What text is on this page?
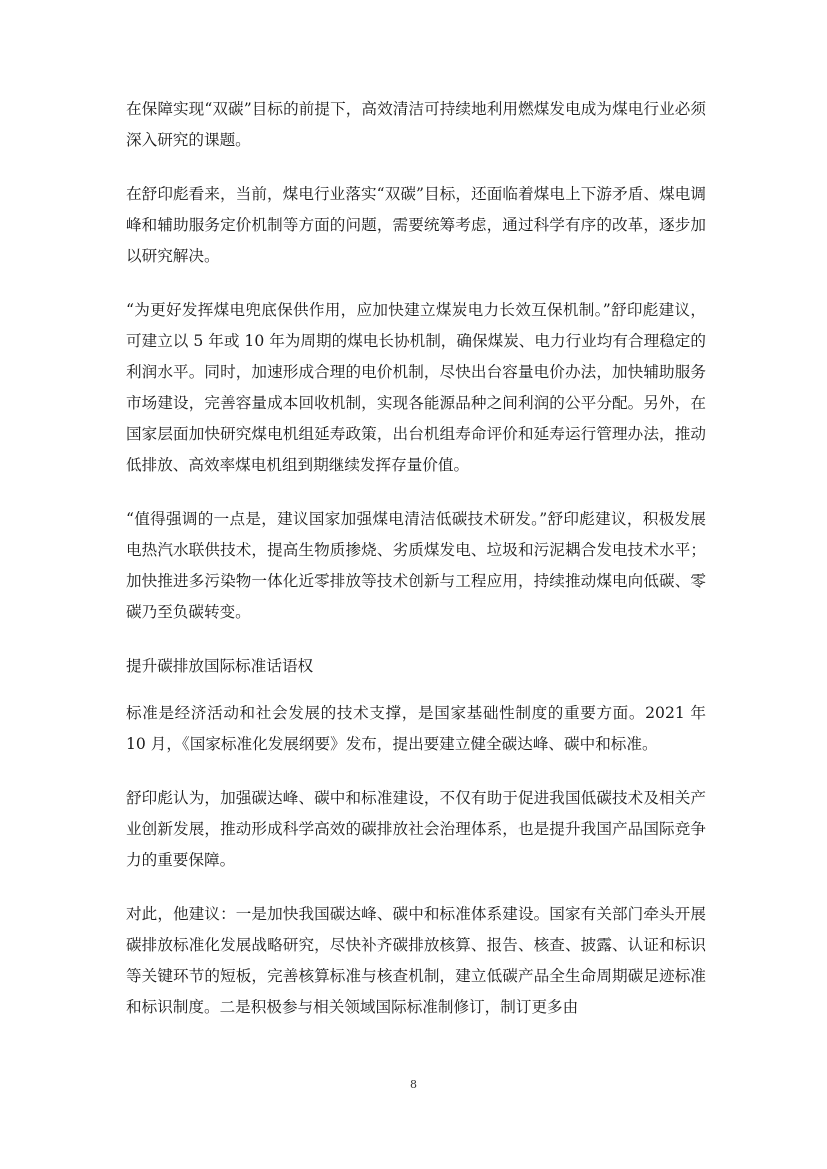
在保障实现“双碳”目标的前提下，高效清洁可持续地利用燃煤发电成为煤电行业必须深入研究的课题。

在舒印彪看来，当前，煤电行业落实“双碳”目标，还面临着煤电上下游矛盾、煤电调峰和辅助服务定价机制等方面的问题，需要统筹考虑，通过科学有序的改革，逐步加以研究解决。

“为更好发挥煤电兜底保供作用，应加快建立煤炭电力长效互保机制。”舒印彪建议，可建立以 5 年或 10 年为周期的煤电长协机制，确保煤炭、电力行业均有合理稳定的利润水平。同时，加速形成合理的电价机制，尽快出台容量电价办法，加快辅助服务市场建设，完善容量成本回收机制，实现各能源品种之间利润的公平分配。另外，在国家层面加快研究煤电机组延寿政策，出台机组寿命评价和延寿运行管理办法，推动低排放、高效率煤电机组到期继续发挥存量价值。

“值得强调的一点是，建议国家加强煤电清洁低碳技术研发。”舒印彪建议，积极发展电热汽水联供技术，提高生物质掺烧、劣质煤发电、垃圾和污泥耦合发电技术水平；加快推进多污染物一体化近零排放等技术创新与工程应用，持续推动煤电向低碳、零碳乃至负碳转变。

提升碳排放国际标准话语权

标准是经济活动和社会发展的技术支撑，是国家基础性制度的重要方面。2021 年 10 月，《国家标准化发展纲要》发布，提出要建立健全碳达峰、碳中和标准。

舒印彪认为，加强碳达峰、碳中和标准建设，不仅有助于促进我国低碳技术及相关产业创新发展，推动形成科学高效的碳排放社会治理体系，也是提升我国产品国际竞争力的重要保障。

对此，他建议：一是加快我国碳达峰、碳中和标准体系建设。国家有关部门牵头开展碳排放标准化发展战略研究，尽快补齐碳排放核算、报告、核查、披露、认证和标识等关键环节的短板，完善核算标准与核查机制，建立低碳产品全生命周期碳足迹标准和标识制度。二是积极参与相关领域国际标准制修订，制订更多由

8
